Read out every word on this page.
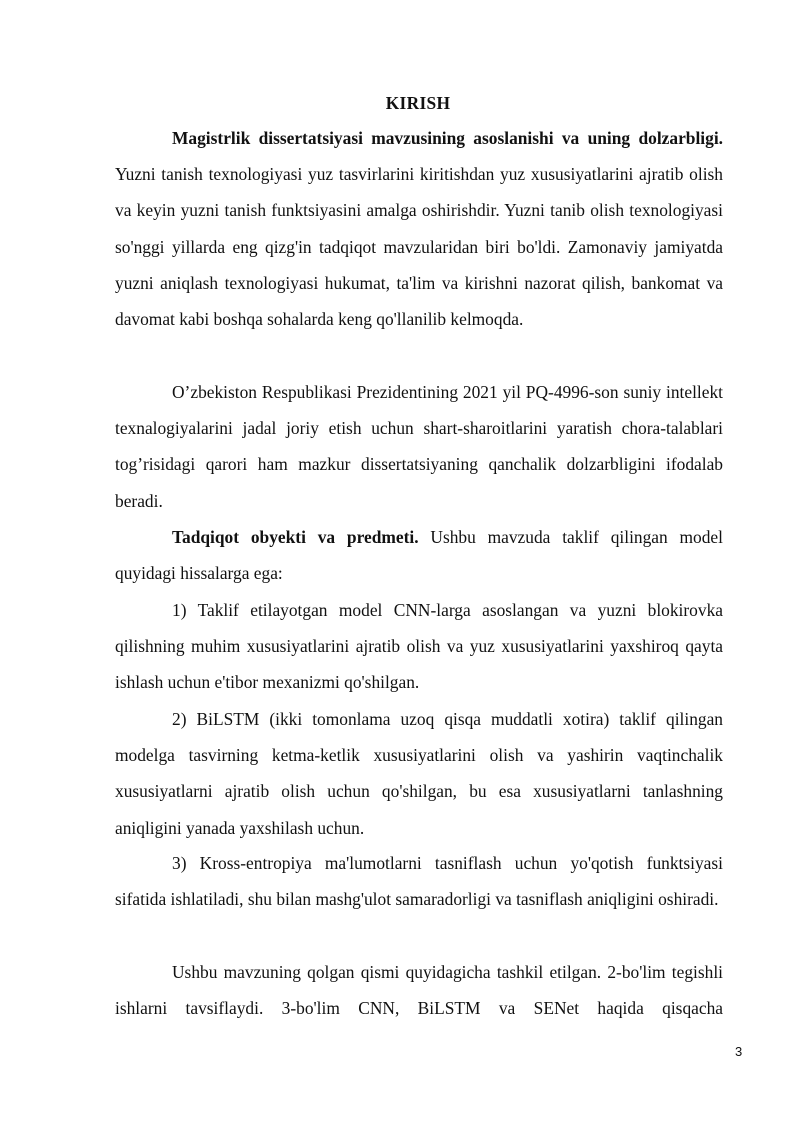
KIRISH

Magistrlik dissertatsiyasi mavzusining asoslanishi va uning dolzarbligi. Yuzni tanish texnologiyasi yuz tasvirlarini kiritishdan yuz xususiyatlarini ajratib olish va keyin yuzni tanish funktsiyasini amalga oshirishdir. Yuzni tanib olish texnologiyasi so'nggi yillarda eng qizg'in tadqiqot mavzularidan biri bo'ldi. Zamonaviy jamiyatda yuzni aniqlash texnologiyasi hukumat, ta'lim va kirishni nazorat qilish, bankomat va davomat kabi boshqa sohalarda keng qo'llanilib kelmoqda.

O’zbekiston Respublikasi Prezidentining 2021 yil PQ-4996-son suniy intellekt texnalogiyalarini jadal joriy etish uchun shart-sharoitlarini yaratish chora-talablari tog’risidagi qarori ham mazkur dissertatsiyaning qanchalik dolzarbligini ifodalab beradi.

Tadqiqot obyekti va predmeti. Ushbu mavzuda taklif qilingan model quyidagi hissalarga ega:

1) Taklif etilayotgan model CNN-larga asoslangan va yuzni blokirovka qilishning muhim xususiyatlarini ajratib olish va yuz xususiyatlarini yaxshiroq qayta ishlash uchun e'tibor mexanizmi qo'shilgan.

2) BiLSTM (ikki tomonlama uzoq qisqa muddatli xotira) taklif qilingan modelga tasvirning ketma-ketlik xususiyatlarini olish va yashirin vaqtinchalik xususiyatlarni ajratib olish uchun qo'shilgan, bu esa xususiyatlarni tanlashning aniqligini yanada yaxshilash uchun.

3) Kross-entropiya ma'lumotlarni tasniflash uchun yo'qotish funktsiyasi sifatida ishlatiladi, shu bilan mashg'ulot samaradorligi va tasniflash aniqligini oshiradi.

Ushbu mavzuning qolgan qismi quyidagicha tashkil etilgan. 2-bo'lim tegishli ishlarni tavsiflaydi. 3-bo'lim CNN, BiLSTM va SENet haqida qisqacha

3
